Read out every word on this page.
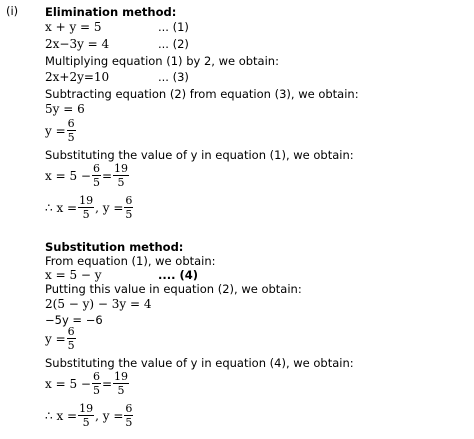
(i) Elimination method:
x + y = 5	... (1)
2x−3y = 4	... (2)
Multiplying equation (1) by 2, we obtain:
2x+2y=10	... (3)
Subtracting equation (2) from equation (3), we obtain:
5y = 6
$y = \frac{6}{5}$
Substituting the value of y in equation (1), we obtain:
$x = 5 - \frac{6}{5} = \frac{19}{5}$
∴ $x = \frac{19}{5}$ , $y = \frac{6}{5}$
Substitution method:
From equation (1), we obtain:
x = 5 − y	.... (4)
Putting this value in equation (2), we obtain:
2(5 − y) − 3y = 4
−5y = −6
$y = \frac{6}{5}$
Substituting the value of y in equation (4), we obtain:
$x = 5 - \frac{6}{5} = \frac{19}{5}$
∴ $x = \frac{19}{5}$ , $y = \frac{6}{5}$
